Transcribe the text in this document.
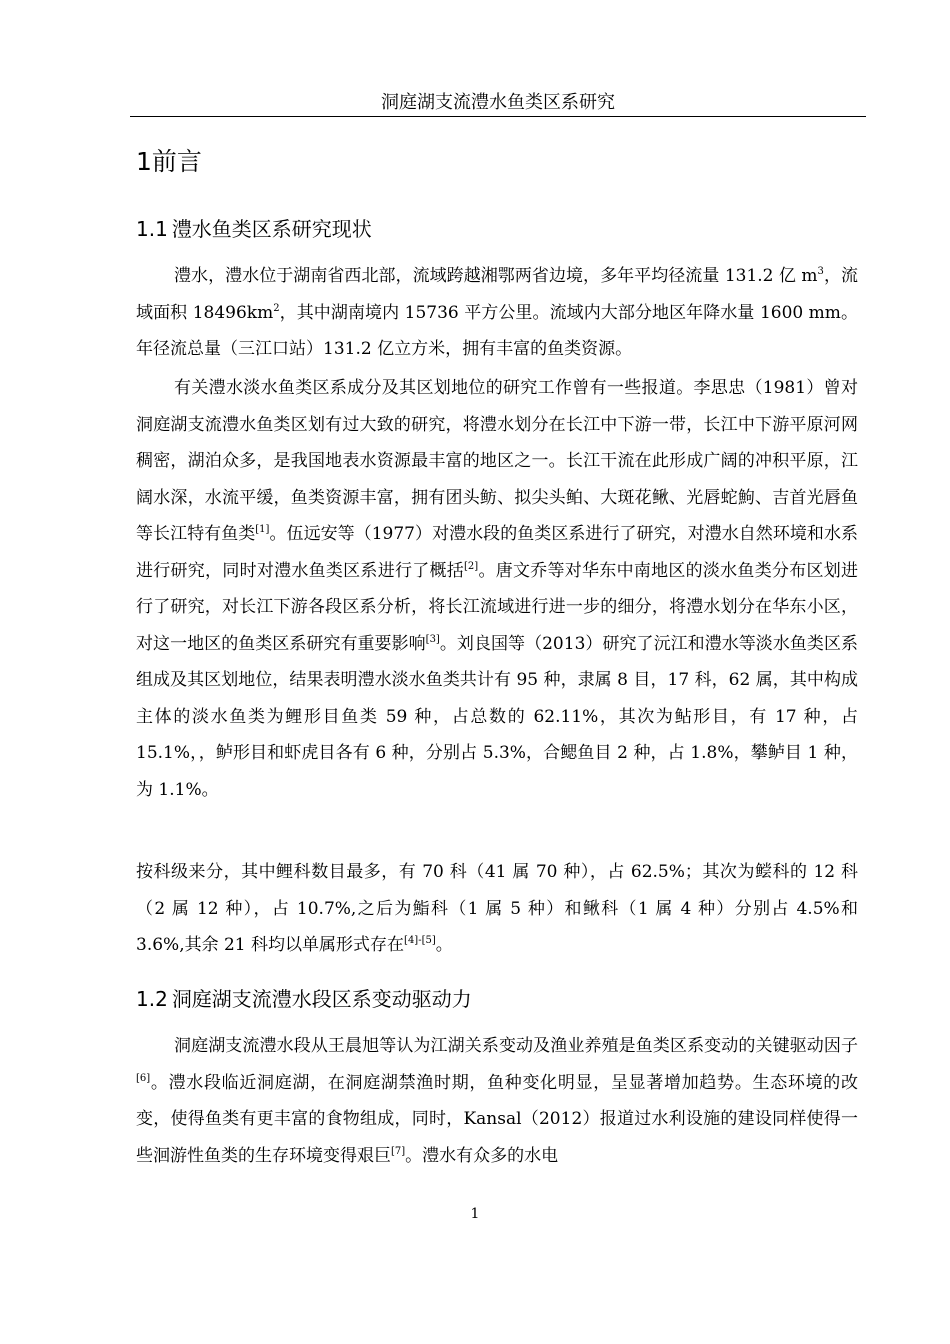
洞庭湖支流澧水鱼类区系研究
1前言
1.1 澧水鱼类区系研究现状
澧水，澧水位于湖南省西北部，流域跨越湘鄂两省边境，多年平均径流量 131.2 亿 $m^3$，流域面积 $18496km^2$，其中湖南境内 15736 平方公里。流域内大部分地区年降水量 1600 mm。年径流总量（三江口站）131.2 亿立方米，拥有丰富的鱼类资源。
有关澧水淡水鱼类区系成分及其区划地位的研究工作曾有一些报道。李思忠（1981）曾对洞庭湖支流澧水鱼类区划有过大致的研究，将澧水划分在长江中下游一带，长江中下游平原河网稠密，湖泊众多，是我国地表水资源最丰富的地区之一。长江干流在此形成广阔的冲积平原，江阔水深，水流平缓，鱼类资源丰富，拥有团头鲂、拟尖头鲌、大斑花鳅、光唇蛇鮈、吉首光唇鱼等长江特有鱼类[1]。伍远安等（1977）对澧水段的鱼类区系进行了研究，对澧水自然环境和水系进行研究，同时对澧水鱼类区系进行了概括[2]。唐文乔等对华东中南地区的淡水鱼类分布区划进行了研究，对长江下游各段区系分析，将长江流域进行进一步的细分，将澧水划分在华东小区，对这一地区的鱼类区系研究有重要影响[3]。刘良国等（2013）研究了沅江和澧水等淡水鱼类区系组成及其区划地位，结果表明澧水淡水鱼类共计有 95 种，隶属 8 目，17 科，62 属，其中构成主体的淡水鱼类为鲤形目鱼类 59 种，占总数的 62.11%，其次为鲇形目，有 17 种，占 15.1%，，鲈形目和虾虎目各有 6 种，分别占 5.3%，合鳃鱼目 2 种，占 1.8%，攀鲈目 1 种，为 1.1%。
按科级来分，其中鲤科数目最多，有 70 科（41 属 70 种），占 62.5%；其次为鲿科的 12 科（2 属 12 种），占 10.7%,之后为鮨科（1 属 5 种）和鳅科（1 属 4 种）分别占 4.5%和 3.6%,其余 21 科均以单属形式存在[4]-[5]。
1.2 洞庭湖支流澧水段区系变动驱动力
洞庭湖支流澧水段从王晨旭等认为江湖关系变动及渔业养殖是鱼类区系变动的关键驱动因子[6]。澧水段临近洞庭湖，在洞庭湖禁渔时期，鱼种变化明显，呈显著增加趋势。生态环境的改变，使得鱼类有更丰富的食物组成，同时，Kansal（2012）报道过水利设施的建设同样使得一些洄游性鱼类的生存环境变得艰巨[7]。澧水有众多的水电
1
